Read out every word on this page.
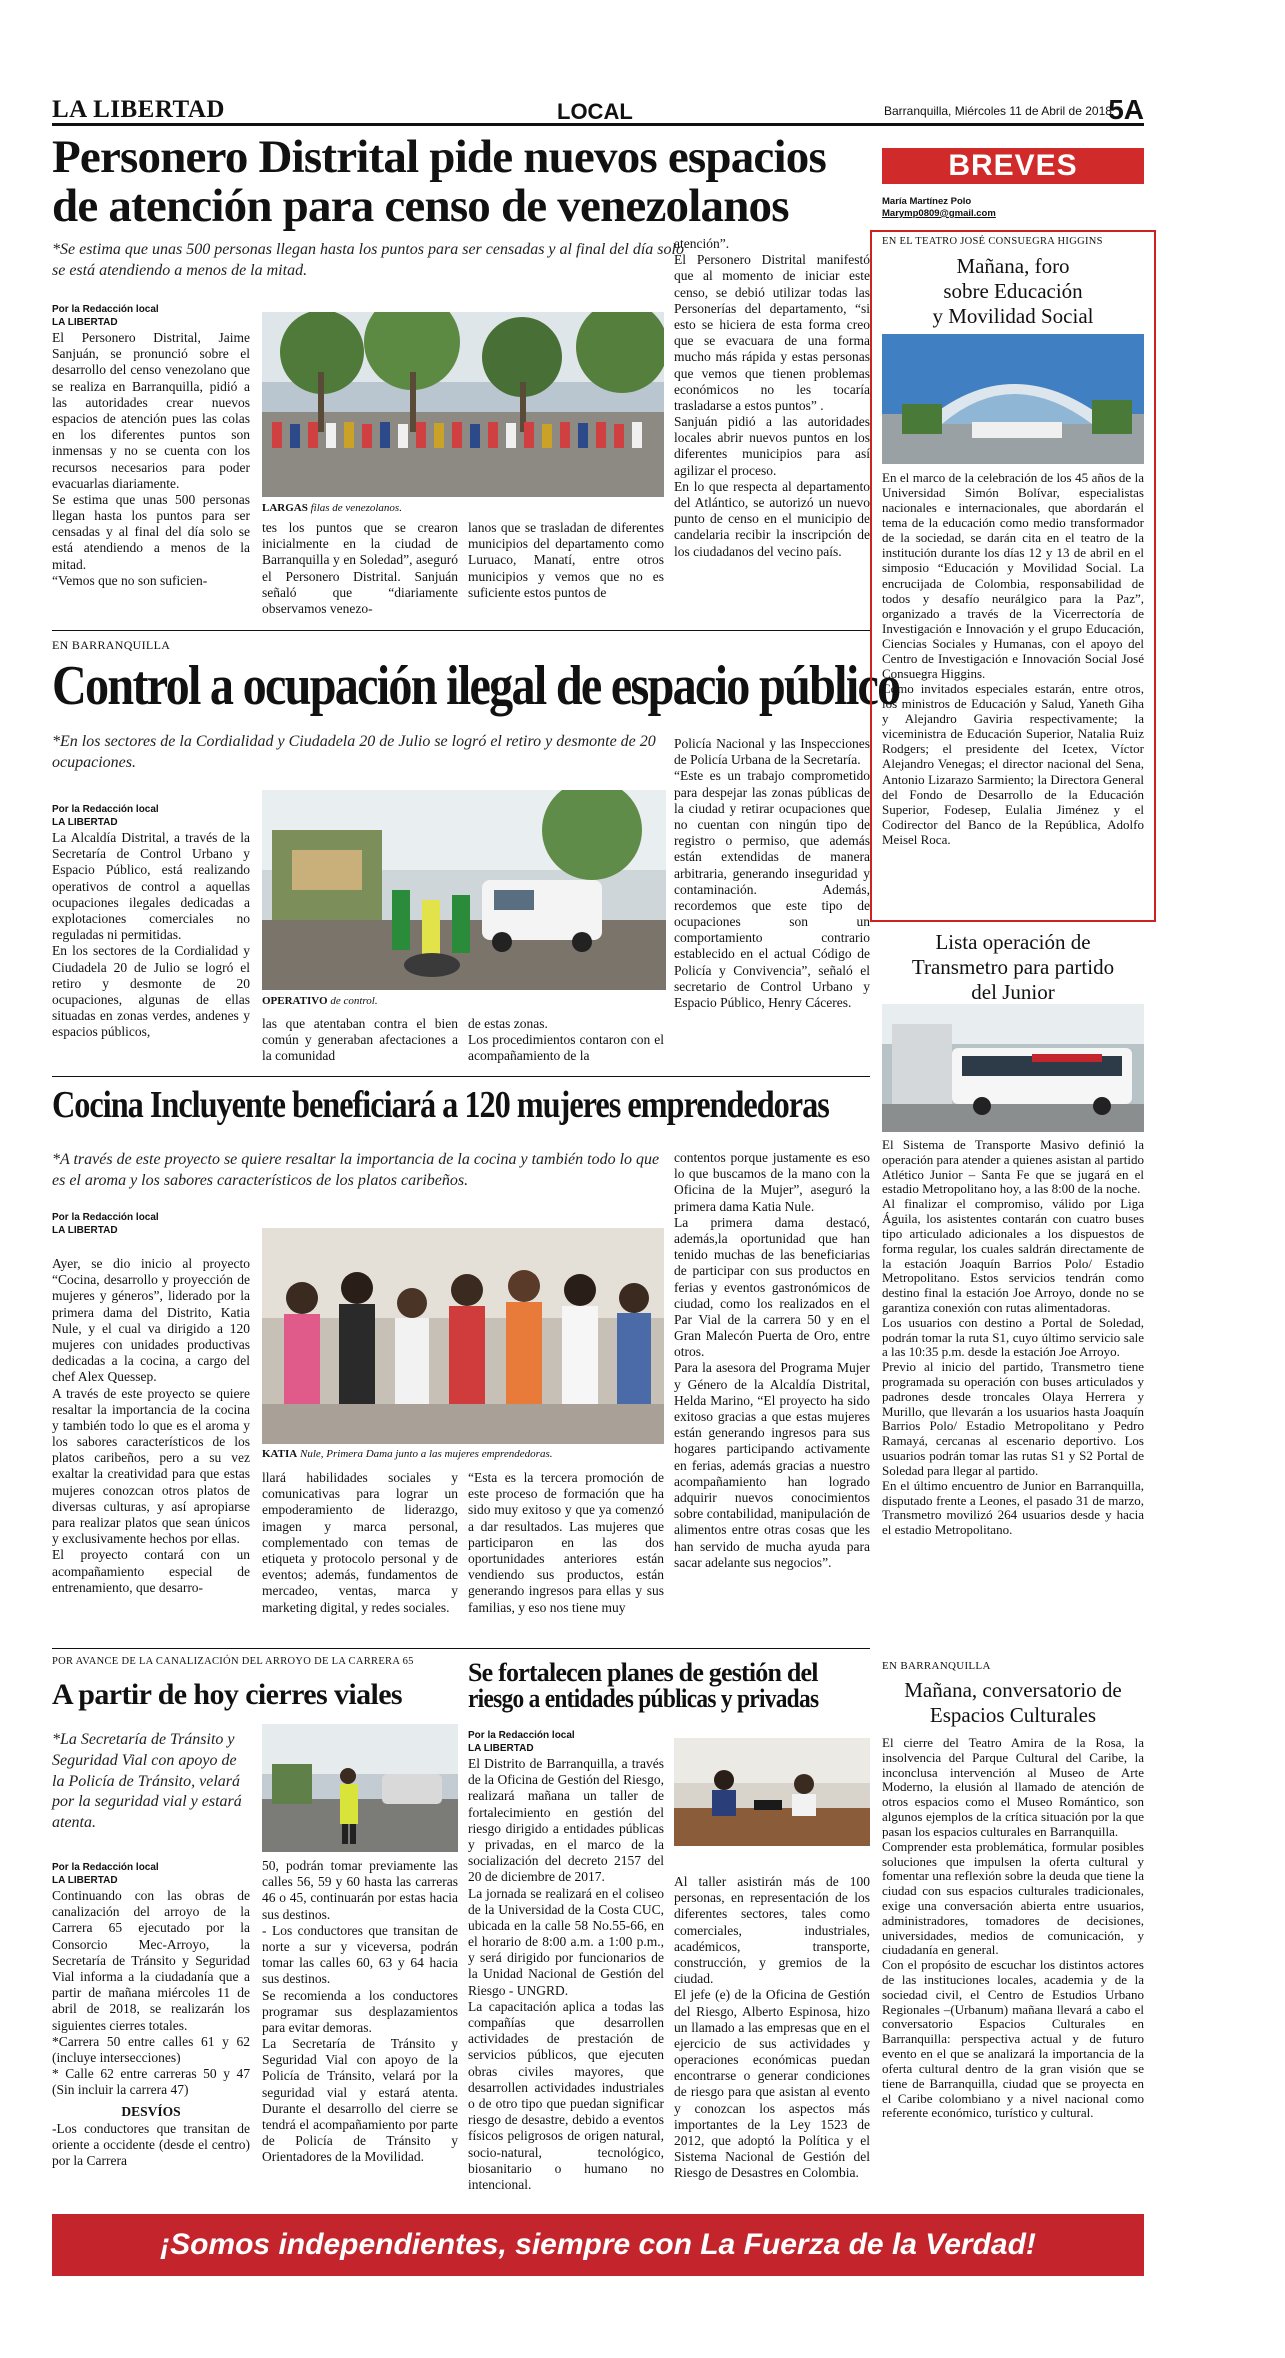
LA LIBERTAD	LOCAL	Barranquilla, Miércoles 11 de Abril de 2018
5A
Personero Distrital pide nuevos espacios
de atención para censo de venezolanos
*Se estima que unas 500 personas llegan hasta los puntos para ser censadas y al final del día solo se está atendiendo a menos de la mitad.
Por la Redacción local
LA LIBERTAD

El Personero Distrital, Jaime Sanjuán, se pronunció sobre el desarrollo del censo venezolano que se realiza en Barranquilla, pidió a las autoridades crear nuevos espacios de atención pues las colas en los diferentes puntos son inmensas y no se cuenta con los recursos necesarios para poder evacuarlas diariamente.

Se estima que unas 500 personas llegan hasta los puntos para ser censadas y al final del día solo se está atendiendo a menos de la mitad.

“Vemos que no son suficien-

LARGAS filas de venezolanos.
tes los puntos que se crearon inicialmente en la ciudad de Barranquilla y en Soledad”, aseguró el Personero Distrital. Sanjuán señaló que “diariamente observamos venezo-
lanos que se trasladan de diferentes municipios del departamento como Luruaco, Manatí, entre otros municipios y vemos que no es suficiente estos puntos de

atención”.

El Personero Distrital manifestó que al momento de iniciar este censo, se debió utilizar todas las Personerías del departamento, “si esto se hiciera de esta forma creo que se evacuara de una forma mucho más rápida y estas personas que vemos que tienen problemas económicos no les tocaría trasladarse a estos puntos” .

Sanjuán pidió a las autoridades locales abrir nuevos puntos en los diferentes municipios para así agilizar el proceso.

En lo que respecta al departamento del Atlántico, se autorizó un nuevo punto de censo en el municipio de candelaria recibir la inscripción de los ciudadanos del vecino país.

EN BARRANQUILLA
Control a ocupación ilegal de espacio público
*En los sectores de la Cordialidad y Ciudadela 20 de Julio se logró el retiro y desmonte de 20 ocupaciones.
Por la Redacción local
LA LIBERTAD

La Alcaldía Distrital, a través de la Secretaría de Control Urbano y Espacio Público, está realizando operativos de control a aquellas ocupaciones ilegales dedicadas a explotaciones comerciales no reguladas ni permitidas.

En los sectores de la Cordialidad y Ciudadela 20 de Julio se logró el retiro y desmonte de 20 ocupaciones, algunas de ellas situadas en zonas verdes, andenes y espacios públicos,

OPERATIVO de control.
las que atentaban contra el bien común y generaban afectaciones a la comunidad

de estas zonas.

Los procedimientos contaron con el acompañamiento de la

Policía Nacional y las Inspecciones de Policía Urbana de la Secretaría.

“Este es un trabajo comprometido para despejar las zonas públicas de la ciudad y retirar ocupaciones que no cuentan con ningún tipo de registro o permiso, que además están extendidas de manera arbitraria, generando inseguridad y contaminación. Además, recordemos que este tipo de ocupaciones son un comportamiento contrario establecido en el actual Código de Policía y Convivencia”, señaló el secretario de Control Urbano y Espacio Público, Henry Cáceres.

Cocina Incluyente beneficiará a 120 mujeres emprendedoras
*A través de este proyecto se quiere resaltar la importancia de la cocina y también todo lo que es el aroma y los sabores característicos de los platos caribeños.
Por la Redacción local
LA LIBERTAD

Ayer, se dio inicio al proyecto “Cocina, desarrollo y proyección de mujeres y géneros”, liderado por la primera dama del Distrito, Katia Nule, y el cual va dirigido a 120 mujeres con unidades productivas dedicadas a la cocina, a cargo del chef Alex Quessep.

A través de este proyecto se quiere resaltar la importancia de la cocina y también todo lo que es el aroma y los sabores característicos de los platos caribeños, pero a su vez exaltar la creatividad para que estas mujeres conozcan otros platos de diversas culturas, y así apropiarse para realizar platos que sean únicos y exclusivamente hechos por ellas.

El proyecto contará con un acompañamiento especial de entrenamiento, que desarro-

KATIA Nule, Primera Dama junto a las mujeres emprendedoras.
llará habilidades sociales y comunicativas para lograr un empoderamiento de liderazgo, imagen y marca personal, complementado con temas de etiqueta y protocolo personal y de eventos; además, fundamentos de mercadeo, ventas, marca y marketing digital, y redes sociales.
“Esta es la tercera promoción de este proceso de formación que ha sido muy exitoso y que ya comenzó a dar resultados. Las mujeres que participaron en las dos oportunidades anteriores están vendiendo sus productos, están generando ingresos para ellas y sus familias, y eso nos tiene muy

contentos porque justamente es eso lo que buscamos de la mano con la Oficina de la Mujer”, aseguró la primera dama Katia Nule.

La primera dama destacó, además,la oportunidad que han tenido muchas de las beneficiarias de participar con sus productos en ferias y eventos gastronómicos de ciudad, como los realizados en el Par Vial de la carrera 50 y en el Gran Malecón Puerta de Oro, entre otros.

Para la asesora del Programa Mujer y Género de la Alcaldía Distrital, Helda Marino, “El proyecto ha sido exitoso gracias a que estas mujeres están generando ingresos para sus hogares participando activamente en ferias, además gracias a nuestro acompañamiento han logrado adquirir nuevos conocimientos sobre contabilidad, manipulación de alimentos entre otras cosas que les han servido de mucha ayuda para sacar adelante sus negocios”.

POR AVANCE DE LA CANALIZACIÓN DEL ARROYO DE LA CARRERA 65
A partir de hoy cierres viales
*La Secretaría de Tránsito y Seguridad Vial con apoyo de la Policía de Tránsito, velará por la seguridad vial y estará atenta.
Por la Redacción local
LA LIBERTAD

Continuando con las obras de canalización del arroyo de la Carrera 65 ejecutado por la Consorcio Mec-Arroyo, la Secretaría de Tránsito y Seguridad Vial informa a la ciudadanía que a partir de mañana miércoles 11 de abril de 2018, se realizarán los siguientes cierres totales.

*Carrera 50 entre calles 61 y 62 (incluye intersecciones)

* Calle 62 entre carreras 50 y 47 (Sin incluir la carrera 47)

DESVÍOS

-Los conductores que transitan de oriente a occidente (desde el centro) por la Carrera

50, podrán tomar previamente las calles 56, 59 y 60 hasta las carreras 46 o 45, continuarán por estas hacia sus destinos.

- Los conductores que transitan de norte a sur y viceversa, podrán tomar las calles 60, 63 y 64 hacia sus destinos.

Se recomienda a los conductores programar sus desplazamientos para evitar demoras.

La Secretaría de Tránsito y Seguridad Vial con apoyo de la Policía de Tránsito, velará por la seguridad vial y estará atenta. Durante el desarrollo del cierre se tendrá el acompañamiento por parte de Policía de Tránsito y Orientadores de la Movilidad.

Se fortalecen planes de gestión del
riesgo a entidades públicas y privadas
Por la Redacción local
LA LIBERTAD

El Distrito de Barranquilla, a través de la Oficina de Gestión del Riesgo, realizará mañana un taller de fortalecimiento en gestión del riesgo dirigido a entidades públicas y privadas, en el marco de la socialización del decreto 2157 del 20 de diciembre de 2017.

La jornada se realizará en el coliseo de la Universidad de la Costa CUC, ubicada en la calle 58 No.55-66, en el horario de 8:00 a.m. a 1:00 p.m., y será dirigido por funcionarios de la Unidad Nacional de Gestión del Riesgo - UNGRD.

La capacitación aplica a todas las compañías que desarrollen actividades de prestación de servicios públicos, que ejecuten obras civiles mayores, que desarrollen actividades industriales o de otro tipo que puedan significar riesgo de desastre, debido a eventos físicos peligrosos de origen natural, socio-natural, tecnológico, biosanitario o humano no intencional.

Al taller asistirán más de 100 personas, en representación de los diferentes sectores, tales como comerciales, industriales, académicos, transporte, construcción, y gremios de la ciudad.

El jefe (e) de la Oficina de Gestión del Riesgo, Alberto Espinosa, hizo un llamado a las empresas que en el ejercicio de sus actividades y operaciones económicas puedan encontrarse o generar condiciones de riesgo para que asistan al evento y conozcan los aspectos más importantes de la Ley 1523 de 2012, que adoptó la Política y el Sistema Nacional de Gestión del Riesgo de Desastres en Colombia.

BREVES
María Martínez Polo
Marymp0809@gmail.com
EN EL TEATRO JOSÉ CONSUEGRA HIGGINS
Mañana, foro
sobre Educación
y Movilidad Social

En el marco de la celebración de los 45 años de la Universidad Simón Bolívar, especialistas nacionales e internacionales, que abordarán el tema de la educación como medio transformador de la sociedad, se darán cita en el teatro de la institución durante los días 12 y 13 de abril en el simposio “Educación y Movilidad Social. La encrucijada de Colombia, responsabilidad de todos y desafío neurálgico para la Paz”, organizado a través de la Vicerrectoría de Investigación e Innovación y el grupo Educación, Ciencias Sociales y Humanas, con el apoyo del Centro de Investigación e Innovación Social José Consuegra Higgins.

Como invitados especiales estarán, entre otros, los ministros de Educación y Salud, Yaneth Giha y Alejandro Gaviria respectivamente; la viceministra de Educación Superior, Natalia Ruiz Rodgers; el presidente del Icetex, Víctor Alejandro Venegas; el director nacional del Sena, Antonio Lizarazo Sarmiento; la Directora General del Fondo de Desarrollo de la Educación Superior, Fodesep, Eulalia Jiménez y el Codirector del Banco de la República, Adolfo Meisel Roca.

Lista operación de
Transmetro para partido
del Junior

El Sistema de Transporte Masivo definió la operación para atender a quienes asistan al partido Atlético Junior – Santa Fe que se jugará en el estadio Metropolitano hoy, a las 8:00 de la noche.

Al finalizar el compromiso, válido por Liga Águila, los asistentes contarán con cuatro buses tipo articulado adicionales a los dispuestos de forma regular, los cuales saldrán directamente de la estación Joaquín Barrios Polo/ Estadio Metropolitano. Estos servicios tendrán como destino final la estación Joe Arroyo, donde no se garantiza conexión con rutas alimentadoras.

Los usuarios con destino a Portal de Soledad, podrán tomar la ruta S1, cuyo último servicio sale a las 10:35 p.m. desde la estación Joe Arroyo.

Previo al inicio del partido, Transmetro tiene programada su operación con buses articulados y padrones desde troncales Olaya Herrera y Murillo, que llevarán a los usuarios hasta Joaquín Barrios Polo/ Estadio Metropolitano y Pedro Ramayá, cercanas al escenario deportivo. Los usuarios podrán tomar las rutas S1 y S2 Portal de Soledad para llegar al partido.

En el último encuentro de Junior en Barranquilla, disputado frente a Leones, el pasado 31 de marzo, Transmetro movilizó 264 usuarios desde y hacia el estadio Metropolitano.

EN BARRANQUILLA
Mañana, conversatorio de
Espacios Culturales

El cierre del Teatro Amira de la Rosa, la insolvencia del Parque Cultural del Caribe, la inconclusa intervención al Museo de Arte Moderno, la elusión al llamado de atención de otros espacios como el Museo Romántico, son algunos ejemplos de la crítica situación por la que pasan los espacios culturales en Barranquilla.

Comprender esta problemática, formular posibles soluciones que impulsen la oferta cultural y fomentar una reflexión sobre la deuda que tiene la ciudad con sus espacios culturales tradicionales, exige una conversación abierta entre usuarios, administradores, tomadores de decisiones, universidades, medios de comunicación, y ciudadanía en general.

Con el propósito de escuchar los distintos actores de las instituciones locales, academia y de la sociedad civil, el Centro de Estudios Urbano Regionales –(Urbanum) mañana llevará a cabo el conversatorio Espacios Culturales en Barranquilla: perspectiva actual y de futuro evento en el que se analizará la importancia de la oferta cultural dentro de la gran visión que se tiene de Barranquilla, ciudad que se proyecta en el Caribe colombiano y a nivel nacional como referente económico, turístico y cultural.

¡Somos independientes, siempre con La Fuerza de la Verdad!
